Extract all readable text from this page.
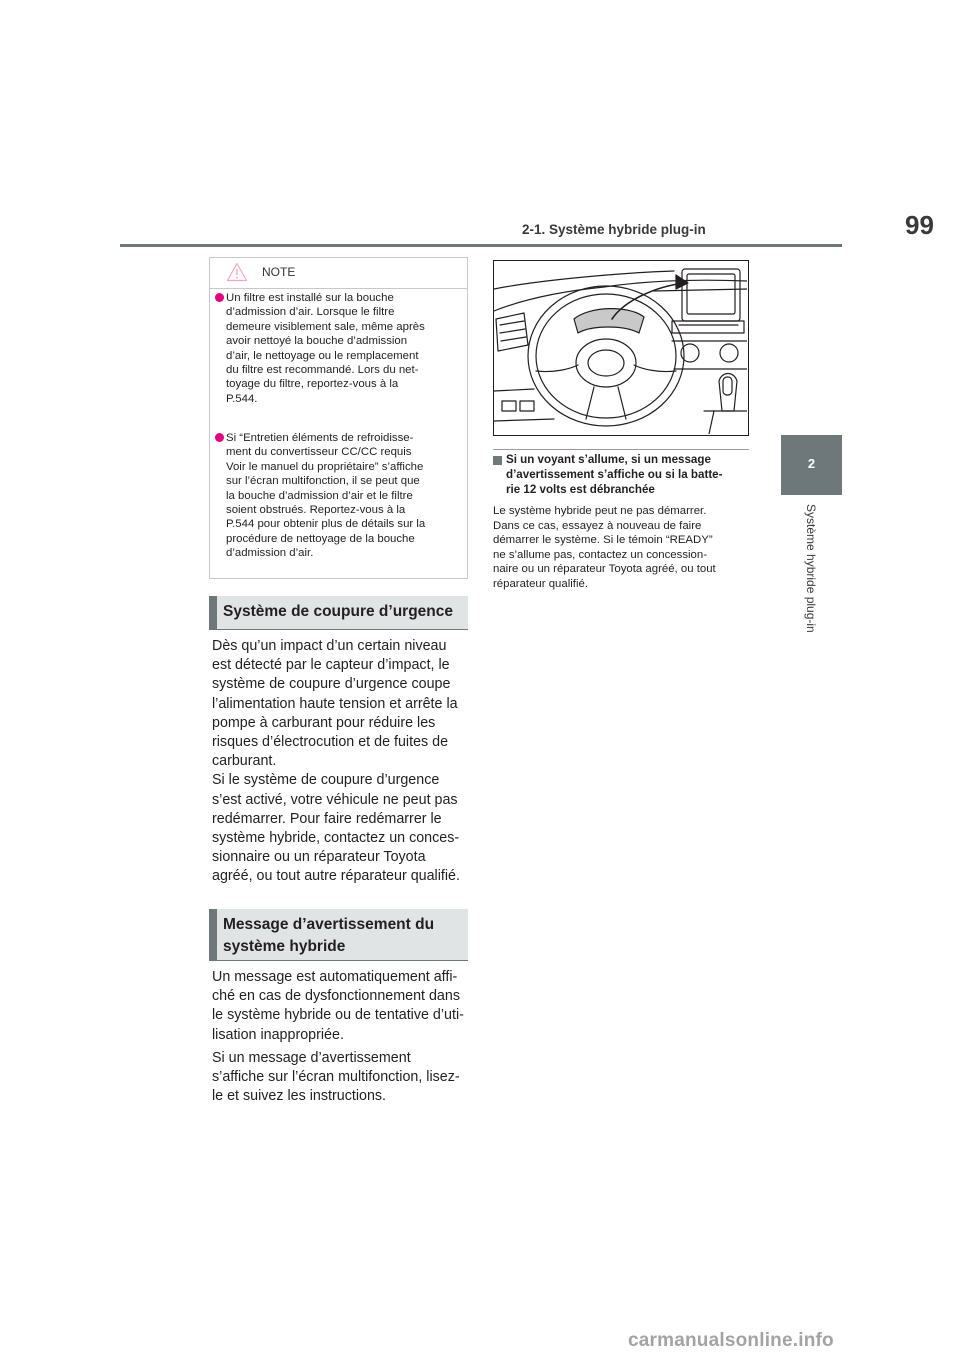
99
2-1. Système hybride plug-in
2
Système hybride plug-in
NOTE
Un filtre est installé sur la bouche
d’admission d’air. Lorsque le filtre
demeure visiblement sale, même après
avoir nettoyé la bouche d’admission
d’air, le nettoyage ou le remplacement
du filtre est recommandé. Lors du net-
toyage du filtre, reportez-vous à la
P.544.
Si “Entretien éléments de refroidisse-
ment du convertisseur CC/CC requis
Voir le manuel du propriétaire” s’affiche
sur l’écran multifonction, il se peut que
la bouche d’admission d’air et le filtre
soient obstrués. Reportez-vous à la
P.544 pour obtenir plus de détails sur la
procédure de nettoyage de la bouche
d’admission d’air.
Système de coupure d’urgence
Dès qu’un impact d’un certain niveau
est détecté par le capteur d’impact, le
système de coupure d’urgence coupe
l’alimentation haute tension et arrête la
pompe à carburant pour réduire les
risques d’électrocution et de fuites de
carburant.
Si le système de coupure d’urgence
s’est activé, votre véhicule ne peut pas
redémarrer. Pour faire redémarrer le
système hybride, contactez un conces-
sionnaire ou un réparateur Toyota
agréé, ou tout autre réparateur qualifié.
Message d’avertissement du
système hybride
Un message est automatiquement affi-
ché en cas de dysfonctionnement dans
le système hybride ou de tentative d’uti-
lisation inappropriée.
Si un message d’avertissement
s’affiche sur l’écran multifonction, lisez-
le et suivez les instructions.
Si un voyant s’allume, si un message
d’avertissement s’affiche ou si la batte-
rie 12 volts est débranchée
Le système hybride peut ne pas démarrer.
Dans ce cas, essayez à nouveau de faire
démarrer le système. Si le témoin “READY”
ne s’allume pas, contactez un concession-
naire ou un réparateur Toyota agréé, ou tout
réparateur qualifié.
carmanualsonline.info
